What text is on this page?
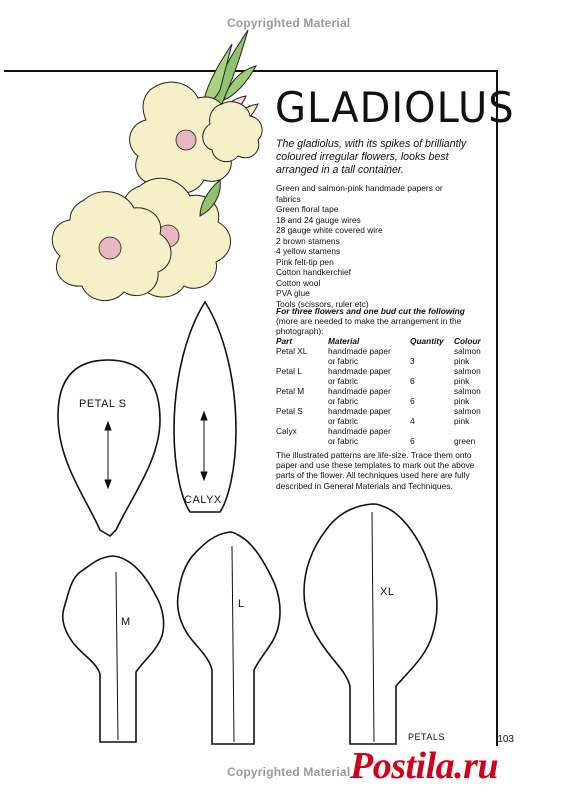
Copyrighted Material
GLADIOLUS
The gladiolus, with its spikes of brilliantly coloured irregular flowers, looks best arranged in a tall container.
Green and salmon-pink handmade papers or
fabrics
Green floral tape
18 and 24 gauge wires
28 gauge white covered wire
2 brown stamens
4 yellow stamens
Pink felt-tip pen
Cotton handkerchief
Cotton wool
PVA glue
Tools (scissors, ruler etc)
For three flowers and one bud cut the following
(more are needed to make the arrangement in the photograph):
Part	Material	Quantity	Colour
Petal XL	handmade paper		salmon
	or fabric	3	pink
Petal L	handmade paper		salmon
	or fabric	6	pink
Petal M	handmade paper		salmon
	or fabric	6	pink
Petal S	handmade paper		salmon
	or fabric	4	pink
Calyx	handmade paper		
	or fabric	6	green
The illustrated patterns are life-size. Trace them onto paper and use these templates to mark out the above parts of the flower. All techniques used here are fully described in General Materials and Techniques.
PETAL S
CALYX
M
L
XL
PETALS	103
Copyrighted Material Postila.ru
